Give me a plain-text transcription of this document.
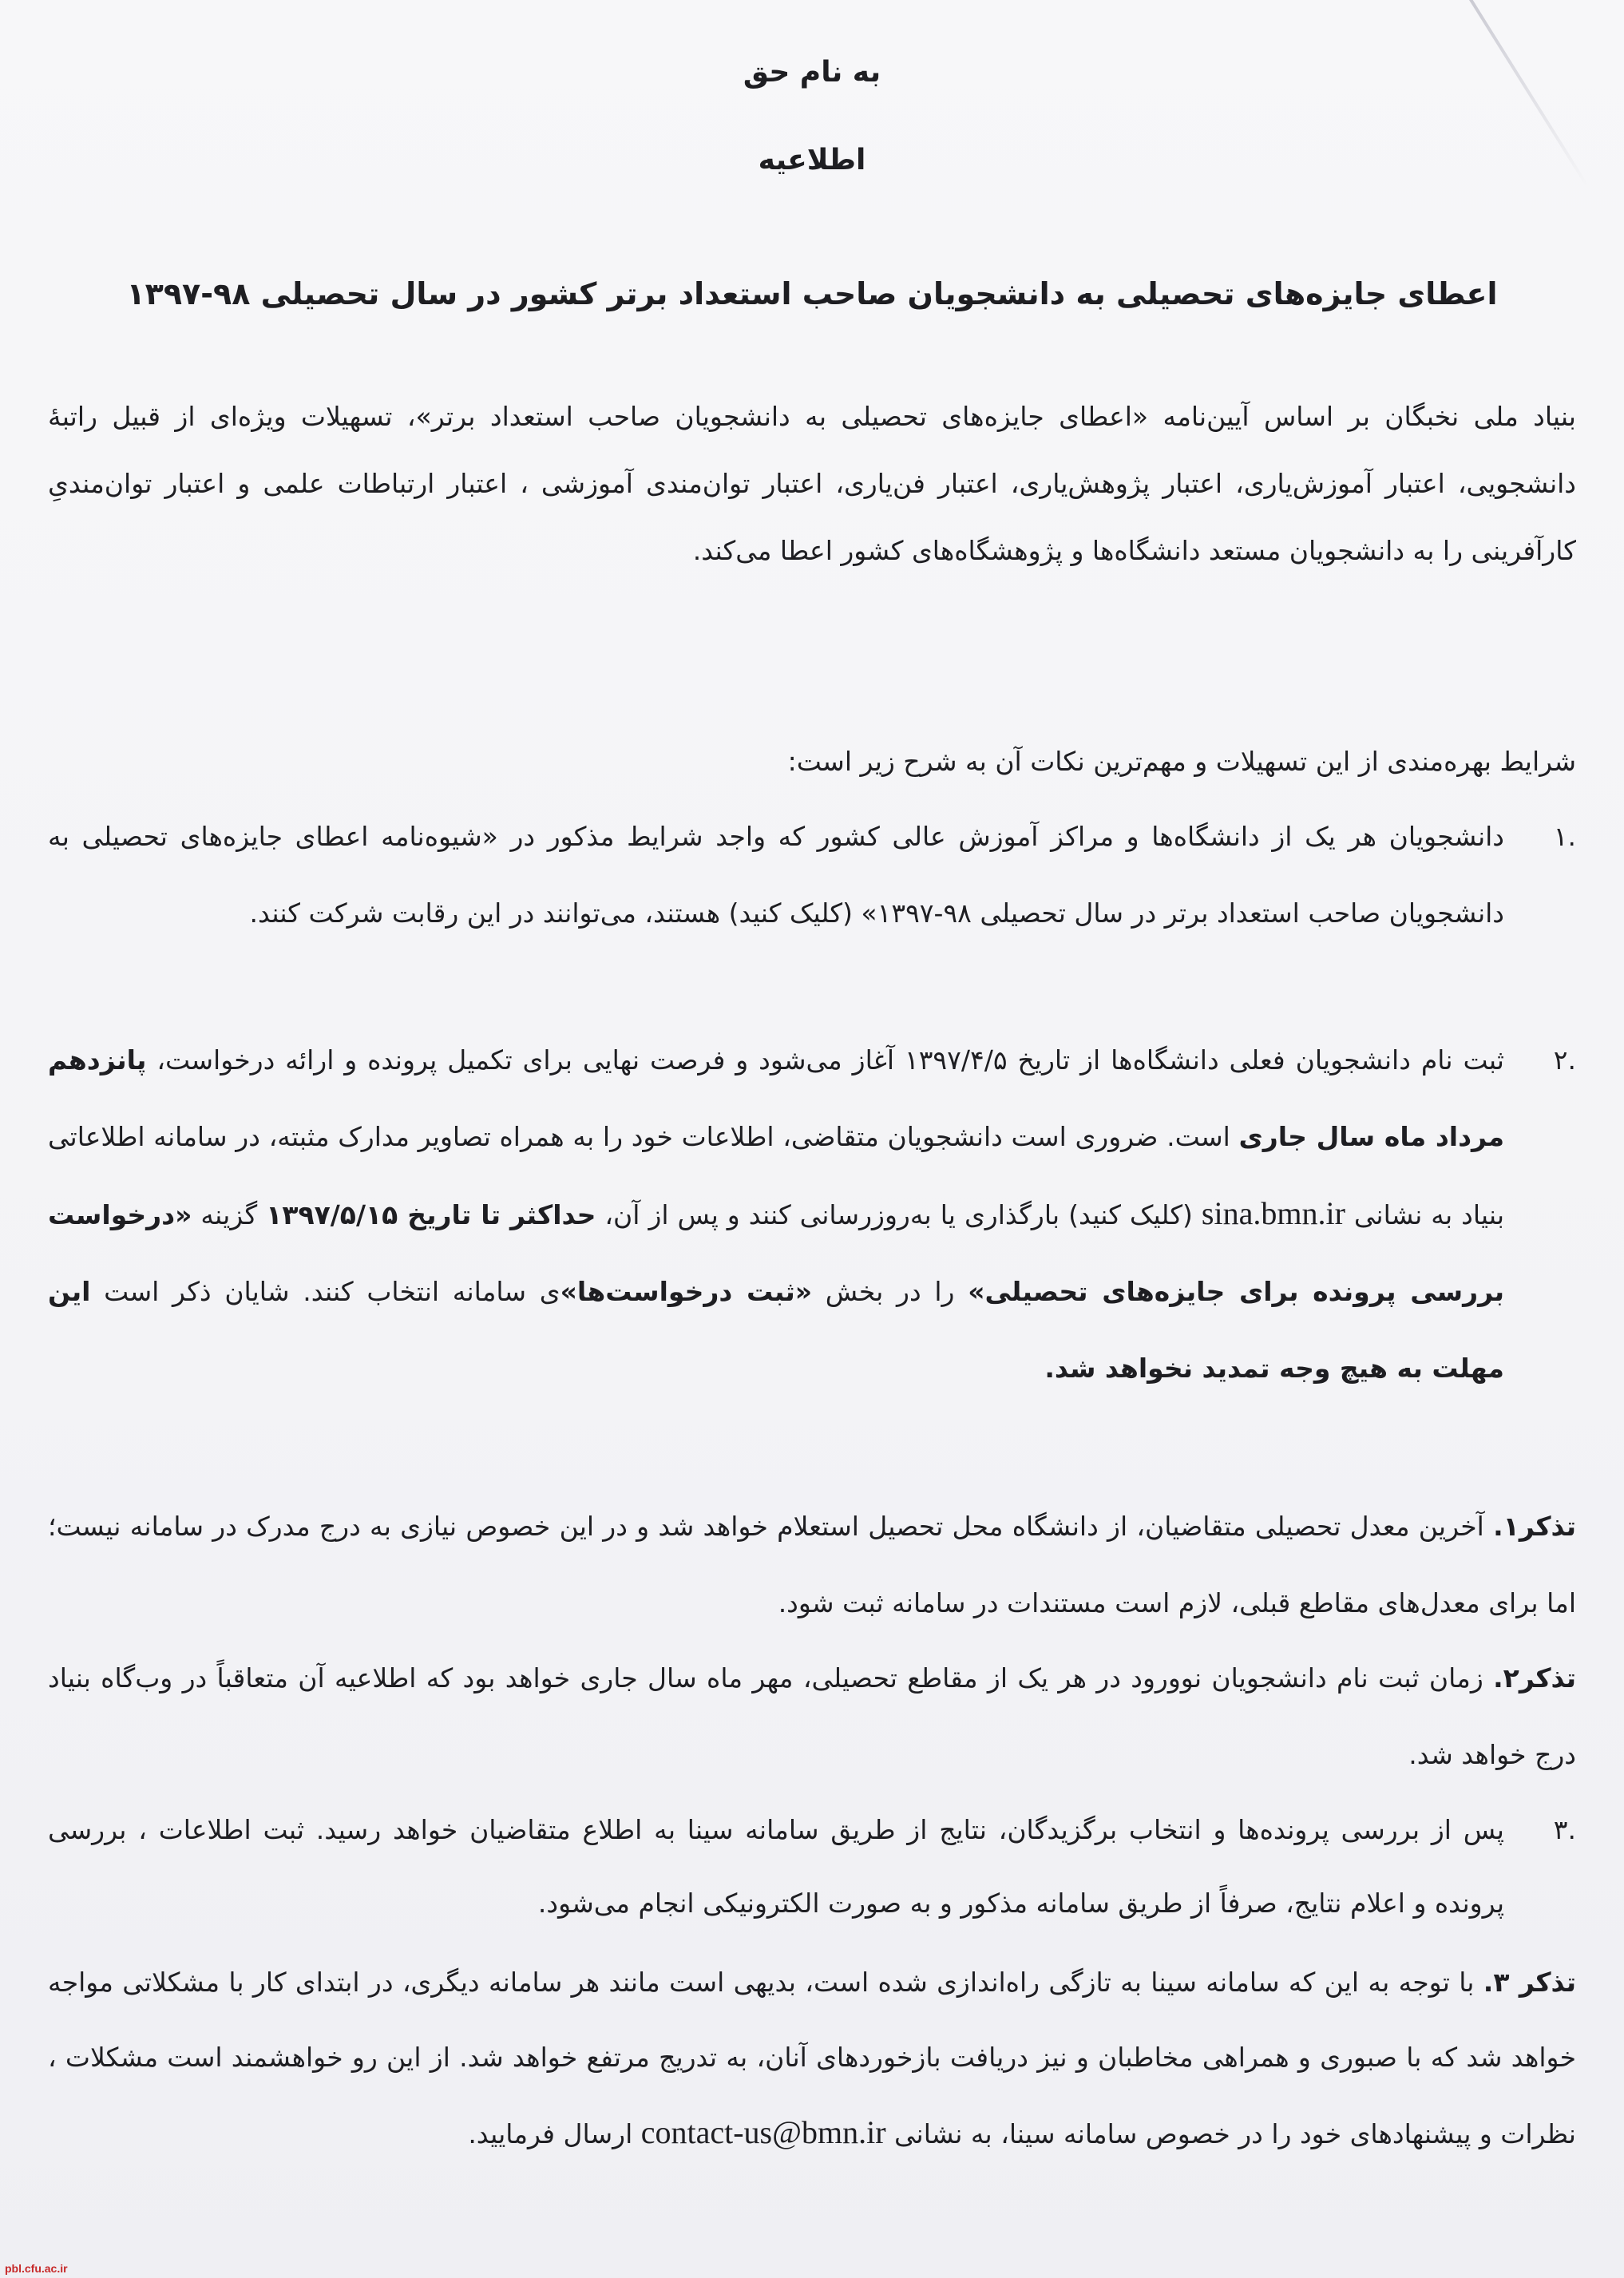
به نام حق

اطلاعیه

اعطای جایزه‌های تحصیلی به دانشجویان صاحب استعداد برتر کشور در سال تحصیلی ۹۸-۱۳۹۷

بنیاد ملی نخبگان بر اساس آیین‌نامه «اعطای جایزه‌های تحصیلی به دانشجویان صاحب استعداد برتر»، تسهیلات ویژه‌ای از قبیل راتبهٔ دانشجویی، اعتبار آموزش‌یاری، اعتبار پژوهش‌یاری، اعتبار فن‌یاری، اعتبار توان‌مندی آموزشی ، اعتبار ارتباطات علمی و اعتبار توان‌مندیِ کارآفرینی را به دانشجویان مستعد دانشگاه‌ها و پژوهشگاه‌های کشور اعطا می‌کند.

شرایط بهره‌مندی از این تسهیلات و مهم‌ترین نکات آن به شرح زیر است:

.۱
دانشجویان هر یک از دانشگاه‌ها و مراکز آموزش عالی کشور که واجد شرایط مذکور در «شیوه‌نامه اعطای جایزه‌های تحصیلی به دانشجویان صاحب استعداد برتر در سال تحصیلی ۹۸-۱۳۹۷» (کلیک کنید) هستند، می‌توانند در این رقابت شرکت کنند.
.۲
ثبت نام دانشجویان فعلی دانشگاه‌ها از تاریخ ۱۳۹۷/۴/۵ آغاز می‌شود و فرصت نهایی برای تکمیل پرونده و ارائه درخواست، پانزدهم مرداد ماه سال جاری است. ضروری است دانشجویان متقاضی، اطلاعات خود را به همراه تصاویر مدارک مثبته، در سامانه اطلاعاتی بنیاد به نشانی sina.bmn.ir (کلیک کنید) بارگذاری یا به‌روزرسانی کنند و پس از آن، حداکثر تا تاریخ ۱۳۹۷/۵/۱۵ گزینه «درخواست بررسی پرونده برای جایزه‌های تحصیلی» را در بخش «ثبت درخواست‌ها»ی سامانه انتخاب کنند. شایان ذکر است این مهلت به هیچ وجه تمدید نخواهد شد.
تذکر۱. آخرین معدل تحصیلی متقاضیان، از دانشگاه محل تحصیل استعلام خواهد شد و در این خصوص نیازی به درج مدرک در سامانه نیست؛ اما برای معدل‌های مقاطع قبلی، لازم است مستندات در سامانه ثبت شود.
تذکر۲. زمان ثبت نام دانشجویان نوورود در هر یک از مقاطع تحصیلی، مهر ماه سال جاری خواهد بود که اطلاعیه آن متعاقباً در وب‌گاه بنیاد درج خواهد شد.
.۳
پس از بررسی پرونده‌ها و انتخاب برگزیدگان، نتایج از طریق سامانه سینا به اطلاع متقاضیان خواهد رسید. ثبت اطلاعات ، بررسی پرونده و اعلام نتایج، صرفاً از طریق سامانه مذکور و به صورت الکترونیکی انجام می‌شود.
تذکر ۳. با توجه به این که سامانه سینا به تازگی راه‌اندازی شده است، بدیهی است مانند هر سامانه دیگری، در ابتدای کار با مشکلاتی مواجه خواهد شد که با صبوری و همراهی مخاطبان و نیز دریافت بازخوردهای آنان، به تدریج مرتفع خواهد شد. از این رو خواهشمند است مشکلات ، نظرات و پیشنهادهای خود را در خصوص سامانه سینا، به نشانی contact-us@bmn.ir ارسال فرمایید.
pbl.cfu.ac.ir
